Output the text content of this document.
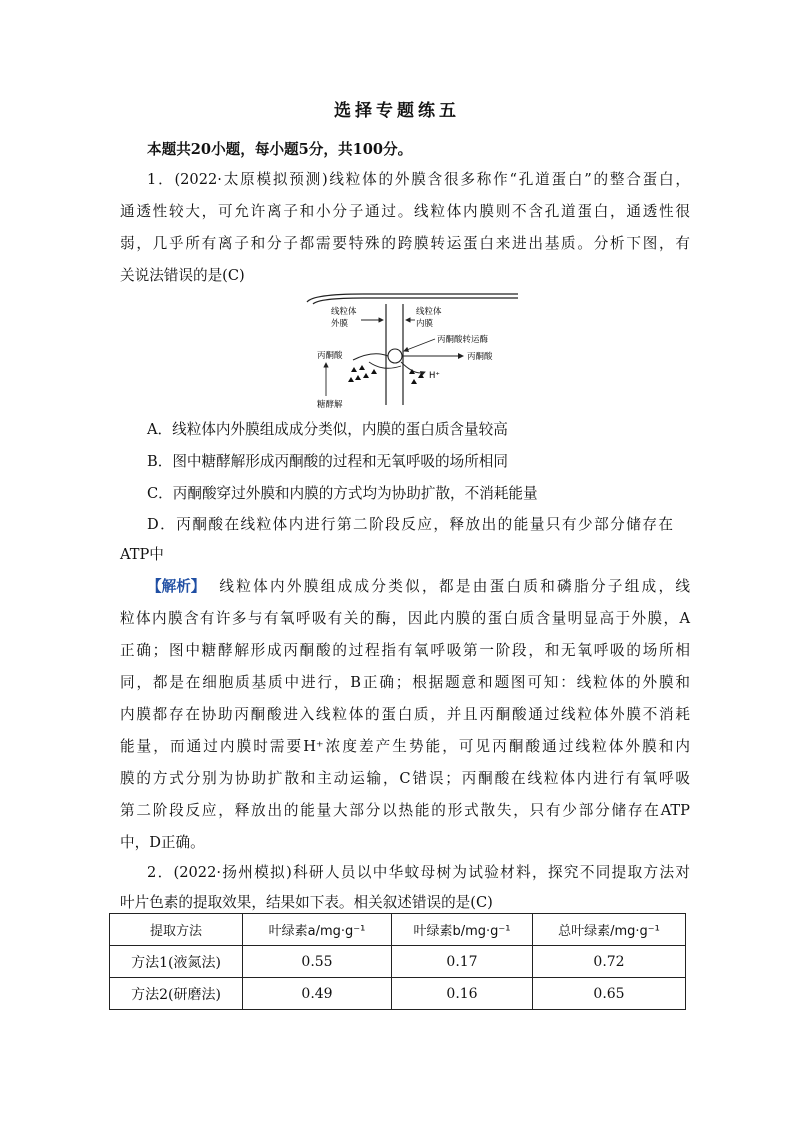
选择专题练五
本题共20小题，每小题5分，共100分。
1．(2022·太原模拟预测)线粒体的外膜含很多称作“孔道蛋白”的整合蛋白，
通透性较大，可允许离子和小分子通过。线粒体内膜则不含孔道蛋白，通透性很
弱，几乎所有离子和分子都需要特殊的跨膜转运蛋白来进出基质。分析下图，有
关说法错误的是(C)
线粒体
外膜
线粒体
内膜
丙酮酸转运酶
丙酮酸	丙酮酸
H⁺
糖酵解
A．线粒体内外膜组成成分类似，内膜的蛋白质含量较高
B．图中糖酵解形成丙酮酸的过程和无氧呼吸的场所相同
C．丙酮酸穿过外膜和内膜的方式均为协助扩散，不消耗能量
D．丙酮酸在线粒体内进行第二阶段反应，释放出的能量只有少部分储存在
ATP中
【解析】 线粒体内外膜组成成分类似，都是由蛋白质和磷脂分子组成，线
粒体内膜含有许多与有氧呼吸有关的酶，因此内膜的蛋白质含量明显高于外膜，A
正确；图中糖酵解形成丙酮酸的过程指有氧呼吸第一阶段，和无氧呼吸的场所相
同，都是在细胞质基质中进行，B正确；根据题意和题图可知：线粒体的外膜和
内膜都存在协助丙酮酸进入线粒体的蛋白质，并且丙酮酸通过线粒体外膜不消耗
能量，而通过内膜时需要H⁺浓度差产生势能，可见丙酮酸通过线粒体外膜和内
膜的方式分别为协助扩散和主动运输，C错误；丙酮酸在线粒体内进行有氧呼吸
第二阶段反应，释放出的能量大部分以热能的形式散失，只有少部分储存在ATP
中，D正确。
2．(2022·扬州模拟)科研人员以中华蚊母树为试验材料，探究不同提取方法对
叶片色素的提取效果，结果如下表。相关叙述错误的是(C)
提取方法	叶绿素a/mg·g⁻¹	叶绿素b/mg·g⁻¹	总叶绿素/mg·g⁻¹
方法1(液氮法)	0.55	0.17	0.72
方法2(研磨法)	0.49	0.16	0.65
